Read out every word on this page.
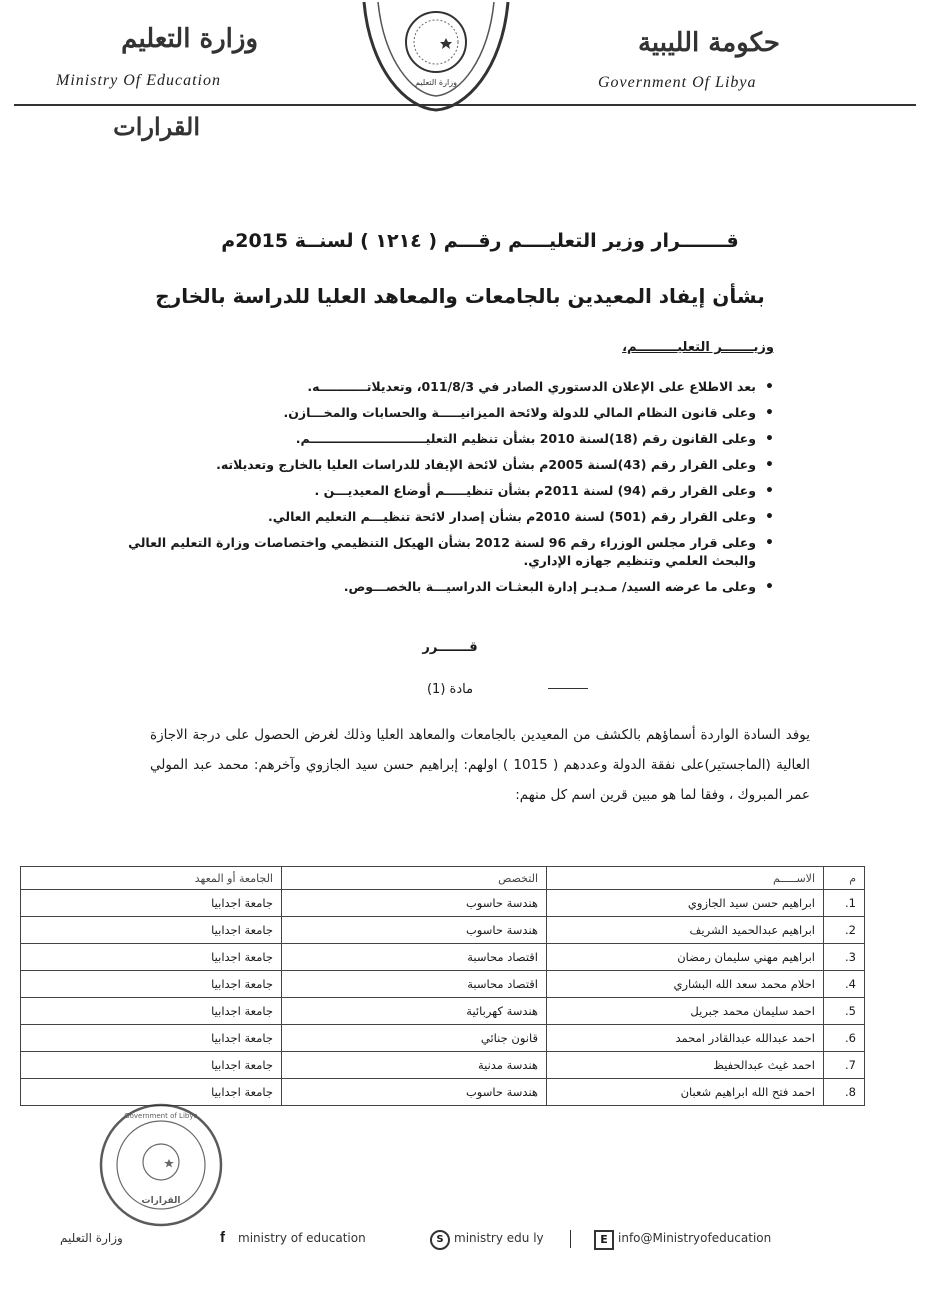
وزارة التعليم
Ministry Of Education
حكومة الليبية
Government Of Libya
وزارة التعليم
القرارات
قـــــــرار وزير التعليــــم رقـــم ( ١٢١٤ ) لسنــة 2015م
بشأن إيفاد المعيدين بالجامعات والمعاهد العليا للدراسة بالخارج
وزيـــــــر التعليـــــــــم،
• بعد الاطلاع على الإعلان الدستوري الصادر في 011/8/3، وتعديلاتـــــــــــه.
• وعلى قانون النظام المالي للدولة ولائحة الميزانيـــــة والحسابات والمخـــازن.
• وعلى القانون رقم (18)لسنة 2010 بشأن تنظيم التعليـــــــــــــــــــــــــــم.
• وعلى القرار رقم (43)لسنة 2005م بشأن لائحة الإيفاد للدراسات العليا بالخارج وتعديلاته.
• وعلى القرار رقم (94) لسنة 2011م بشأن تنظيـــــم أوضاع المعيديـــن .
• وعلى القرار رقم (501) لسنة 2010م بشأن إصدار لائحة تنظيـــم التعليم العالي.
• وعلى قرار مجلس الوزراء رقم 96 لسنة 2012 بشأن الهيكل التنظيمي واختصاصات وزارة التعليم العالي والبحث العلمي وتنظيم جهازه الإداري.
• وعلى ما عرضه السيد/ مـديـر إدارة البعثـات الدراسيـــة بالخصـــوص.
قـــــــرر
مادة (1)
يوفد السادة الواردة أسماؤهم بالكشف من المعيدين بالجامعات والمعاهد العليا وذلك لغرض الحصول على درجة الاجازة العالية (الماجستير)على نفقة الدولة وعددهم ( 1015 ) اولهم: إبراهيم حسن سيد الجازوي وآخرهم: محمد عبد المولي عمر المبروك ، وفقا لما هو مبين قرين اسم كل منهم:
م	الاســـــم	التخصص	الجامعة أو المعهد
1.	ابراهيم حسن سيد الجازوي	هندسة حاسوب	جامعة اجدابيا
2.	ابراهيم عبدالحميد الشريف	هندسة حاسوب	جامعة اجدابيا
3.	ابراهيم مهني سليمان رمضان	اقتصاد محاسبة	جامعة اجدابيا
4.	احلام محمد سعد الله البشاري	اقتصاد محاسبة	جامعة اجدابيا
5.	احمد سليمان محمد جبريل	هندسة كهربائية	جامعة اجدابيا
6.	احمد عبدالله عبدالقادر امحمد	قانون جنائي	جامعة اجدابيا
7.	احمد غيث عبدالحفيظ	هندسة مدنية	جامعة اجدابيا
8.	احمد فتح الله ابراهيم شعبان	هندسة حاسوب	جامعة اجدابيا
Government of Libya
القرارات
وزارة التعليم	f ministry of education	S ministry edu ly	E info@Ministryofeducation
